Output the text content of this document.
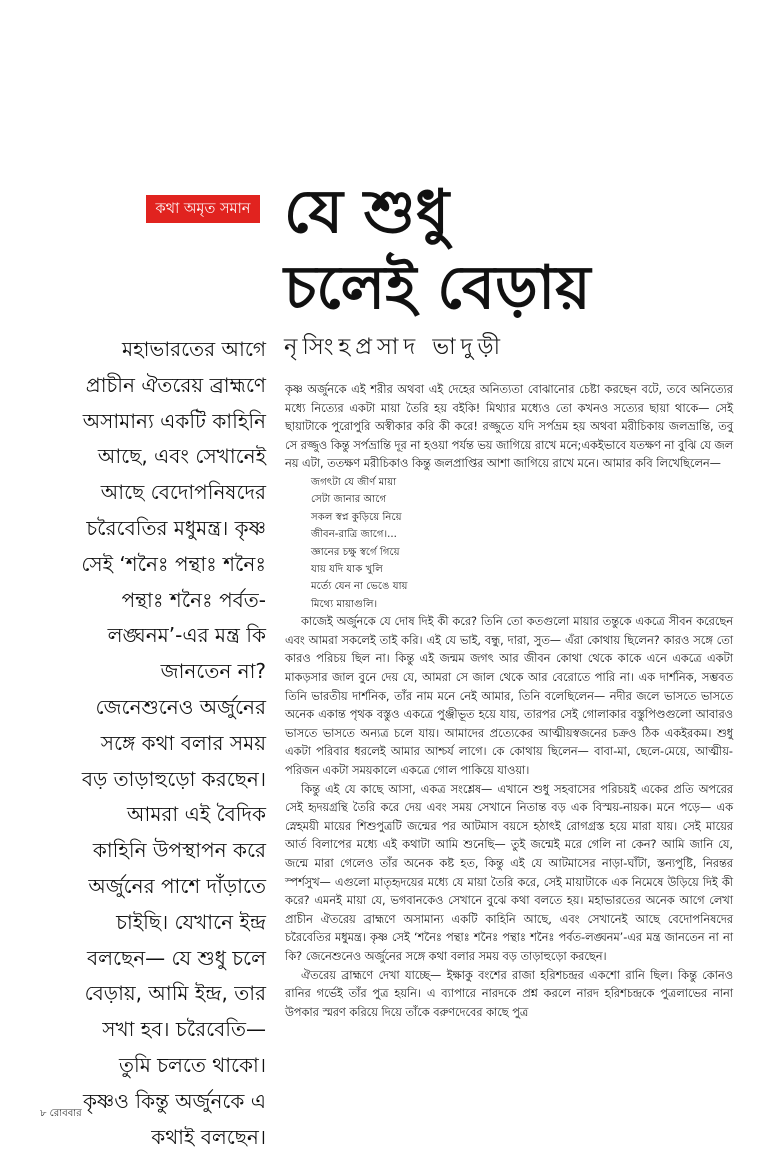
কথা অমৃত সমান যে শুধু
চলেই বেড়ায়
নৃসিংহপ্রসাদ ভাদুড়ী

মহাভারতের আগে প্রাচীন ঐতরেয় ব্রাহ্মণে অসামান্য একটি কাহিনি আছে, এবং সেখানেই আছে বেদোপনিষদের চরৈবেতির মধুমন্ত্র। কৃষ্ণ সেই ‘শনৈঃ পন্থাঃ শনৈঃ পন্থাঃ শনৈঃ পর্বত-লঙ্ঘনম’-এর মন্ত্র কি জানতেন না? জেনেশুনেও অর্জুনের সঙ্গে কথা বলার সময় বড় তাড়াহুড়ো করছেন। আমরা এই বৈদিক কাহিনি উপস্থাপন করে অর্জুনের পাশে দাঁড়াতে চাইছি। যেখানে ইন্দ্র বলছেন— যে শুধু চলে বেড়ায়, আমি ইন্দ্র, তার সখা হব। চরৈবেতি— তুমি চলতে থাকো। কৃষ্ণও কিন্তু অর্জুনকে এ কথাই বলছেন।

কৃষ্ণ অর্জুনকে এই শরীর অথবা এই দেহের অনিত্যতা বোঝানোর চেষ্টা করছেন বটে, তবে অনিত্যের মধ্যে নিত্যের একটা মায়া তৈরি হয় বইকি! মিথ্যার মধ্যেও তো কখনও সত্যের ছায়া থাকে— সেই ছায়াটাকে পুরোপুরি অস্বীকার করি কী করে! রজ্জুতে যদি সর্পভ্রম হয় অথবা মরীচিকায় জলভ্রান্তি, তবু সে রজ্জুও কিন্তু সর্পভ্রান্তি দূর না হওয়া পর্যন্ত ভয় জাগিয়ে রাখে মনে;একইভাবে যতক্ষণ না বুঝি যে জল নয় এটা, ততক্ষণ মরীচিকাও কিন্তু জলপ্রাপ্তির আশা জাগিয়ে রাখে মনে। আমার কবি লিখেছিলেন—

জগৎটা যে জীর্ণ মায়া
সেটা জানার আগে
সকল স্বপ্ন কুড়িয়ে নিয়ে
জীবন-রাত্রি জাগে।...
জ্ঞানের চক্ষু স্বর্গে গিয়ে
যায় যদি যাক খুলি
মর্ত্যে যেন না ভেঙে যায়
মিথ্যে মায়াগুলি।

কাজেই অর্জুনকে যে দোষ দিই কী করে? তিনি তো কতগুলো মায়ার তন্তুকে একত্রে সীবন করেছেন এবং আমরা সকলেই তাই করি। এই যে ভাই, বন্ধু, দারা, সুত— এঁরা কোথায় ছিলেন? কারও সঙ্গে তো কারও পরিচয় ছিল না। কিন্তু এই জন্মম জগৎ আর জীবন কোথা থেকে কাকে এনে একত্রে একটা মাকড়সার জাল বুনে দেয় যে, আমরা সে জাল থেকে আর বেরোতে পারি না। এক দার্শনিক, সম্ভবত তিনি ভারতীয় দার্শনিক, তাঁর নাম মনে নেই আমার, তিনি বলেছিলেন— নদীর জলে ভাসতে ভাসতে অনেক একান্ত পৃথক বস্তুও একত্রে পুঞ্জীভূত হয়ে যায়, তারপর সেই গোলাকার বস্তুপিণ্ডগুলো আবারও ভাসতে ভাসতে অন্যত্র চলে যায়। আমাদের প্রত্যেকের আত্মীয়স্বজনের চক্রও ঠিক একইরকম। শুধু একটা পরিবার ধরলেই আমার আশ্চর্য লাগে। কে কোথায় ছিলেন— বাবা-মা, ছেলে-মেয়ে, আত্মীয়-পরিজন একটা সময়কালে একত্রে গোল পাকিয়ে যাওয়া।

কিন্তু এই যে কাছে আসা, একত্র সংশ্লেষ— এখানে শুধু সহবাসের পরিচয়ই একের প্রতি অপরের সেই হৃদয়গ্রন্থি তৈরি করে দেয় এবং সময় সেখানে নিতান্ত বড় এক বিস্ময়-নায়ক। মনে পড়ে— এক স্নেহময়ী মায়ের শিশুপুত্রটি জন্মের পর আটমাস বয়সে হঠাৎই রোগগ্রস্ত হয়ে মারা যায়। সেই মায়ের আর্ত বিলাপের মধ্যে এই কথাটা আমি শুনেছি— তুই জন্মেই মরে গেলি না কেন? আমি জানি যে, জন্মে মারা গেলেও তাঁর অনেক কষ্ট হত, কিন্তু এই যে আটমাসের নাড়া-ঘাঁটা, স্তন্যপুষ্টি, নিরন্তর স্পর্শসুখ— এগুলো মাতৃহৃদয়ের মধ্যে যে মায়া তৈরি করে, সেই মায়াটাকে এক নিমেষে উড়িয়ে দিই কী করে? এমনই মায়া যে, ভগবানকেও সেখানে বুঝে কথা বলতে হয়। মহাভারতের অনেক আগে লেখা প্রাচীন ঐতরেয় ব্রাহ্মণে অসামান্য একটি কাহিনি আছে, এবং সেখানেই আছে বেদোপনিষদের চরৈবেতির মধুমন্ত্র। কৃষ্ণ সেই ‘শনৈঃ পন্থাঃ শনৈঃ পন্থাঃ শনৈঃ পর্বত-লঙ্ঘনম’-এর মন্ত্র জানতেন না না কি? জেনেশুনেও অর্জুনের সঙ্গে কথা বলার সময় বড় তাড়াহুড়ো করছেন।

ঐতরেয় ব্রাহ্মণে দেখা যাচ্ছে— ইক্ষাকু বংশের রাজা হরিশচন্দ্রর একশো রানি ছিল। কিন্তু কোনও রানির গর্ভেই তাঁর পুত্র হয়নি। এ ব্যাপারে নারদকে প্রশ্ন করলে নারদ হরিশচন্দ্রকে পুত্রলাভের নানা উপকার স্মরণ করিয়ে দিয়ে তাঁকে বরুণদেবের কাছে পুত্র

৮ রোববার
